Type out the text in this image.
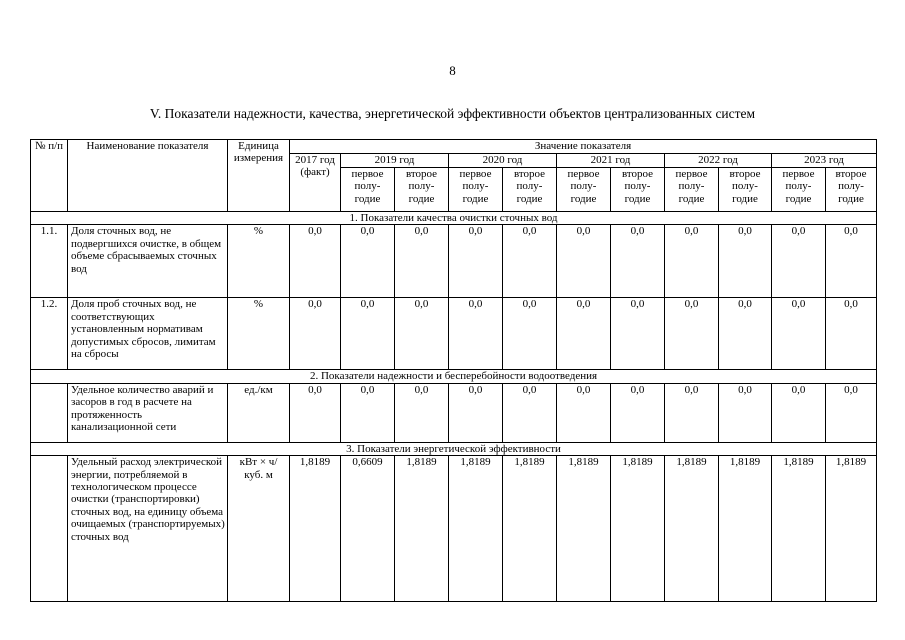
8
V. Показатели надежности, качества, энергетической эффективности объектов централизованных систем
№ п/п	Наименование показателя	Единица измерения	Значение показателя										
			2017 год (факт)	2019 год		2020 год		2021 год		2022 год		2023 год	
				первое полу-годие	второе полу-годие	первое полу-годие	второе полу-годие	первое полу-годие	второе полу-годие	первое полу-годие	второе полу-годие	первое полу-годие	второе полу-годие
1. Показатели качества очистки сточных вод													
1.1.	Доля сточных вод, не подвергшихся очистке, в общем объеме сбрасываемых сточных вод	%	0,0	0,0	0,0	0,0	0,0	0,0	0,0	0,0	0,0	0,0	0,0
1.2.	Доля проб сточных вод, не соответствующих установленным нормативам допустимых сбросов, лимитам на сбросы	%	0,0	0,0	0,0	0,0	0,0	0,0	0,0	0,0	0,0	0,0	0,0
2. Показатели надежности и бесперебойности водоотведения													
	Удельное количество аварий и засоров в год в расчете на протяженность канализационной сети	ед./км	0,0	0,0	0,0	0,0	0,0	0,0	0,0	0,0	0,0	0,0	0,0
3. Показатели энергетической эффективности													
	Удельный расход электрической энергии, потребляемой в технологическом процессе очистки (транспортировки) сточных вод, на единицу объема очищаемых (транспортируемых) сточных вод	кВт × ч/ куб. м	1,8189	0,6609	1,8189	1,8189	1,8189	1,8189	1,8189	1,8189	1,8189	1,8189	1,8189
